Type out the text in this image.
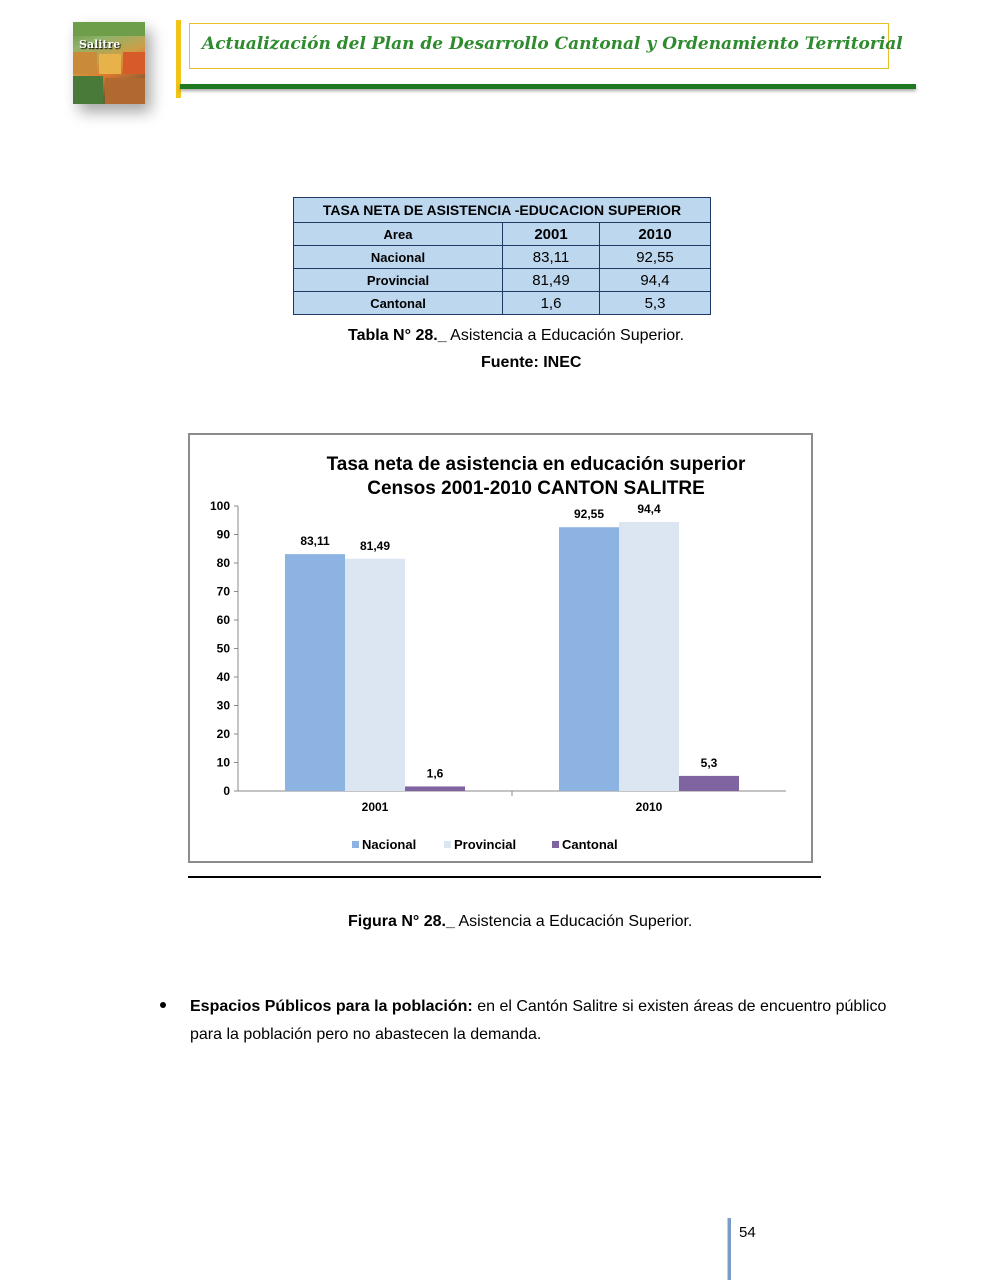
Salitre	Actualización del Plan de Desarrollo Cantonal y Ordenamiento Territorial
TASA NETA DE ASISTENCIA -EDUCACION SUPERIOR		
Area	2001	2010
Nacional	83,11	92,55
Provincial	81,49	94,4
Cantonal	1,6	5,3
Tabla N° 28._ Asistencia a Educación Superior.
Fuente: INEC
Tasa neta de asistencia en educación superior
Censos 2001-2010 CANTON SALITRE
0
10
20
30
40
50
60
70
80
90
100
2001
83,11	81,49
1,6
2010
92,55	94,4
5,3
Nacional	Provincial	Cantonal
Figura N° 28._ Asistencia a Educación Superior.
Espacios Públicos para la población: en el Cantón Salitre si existen áreas de encuentro público para la población pero no abastecen la demanda.
54
